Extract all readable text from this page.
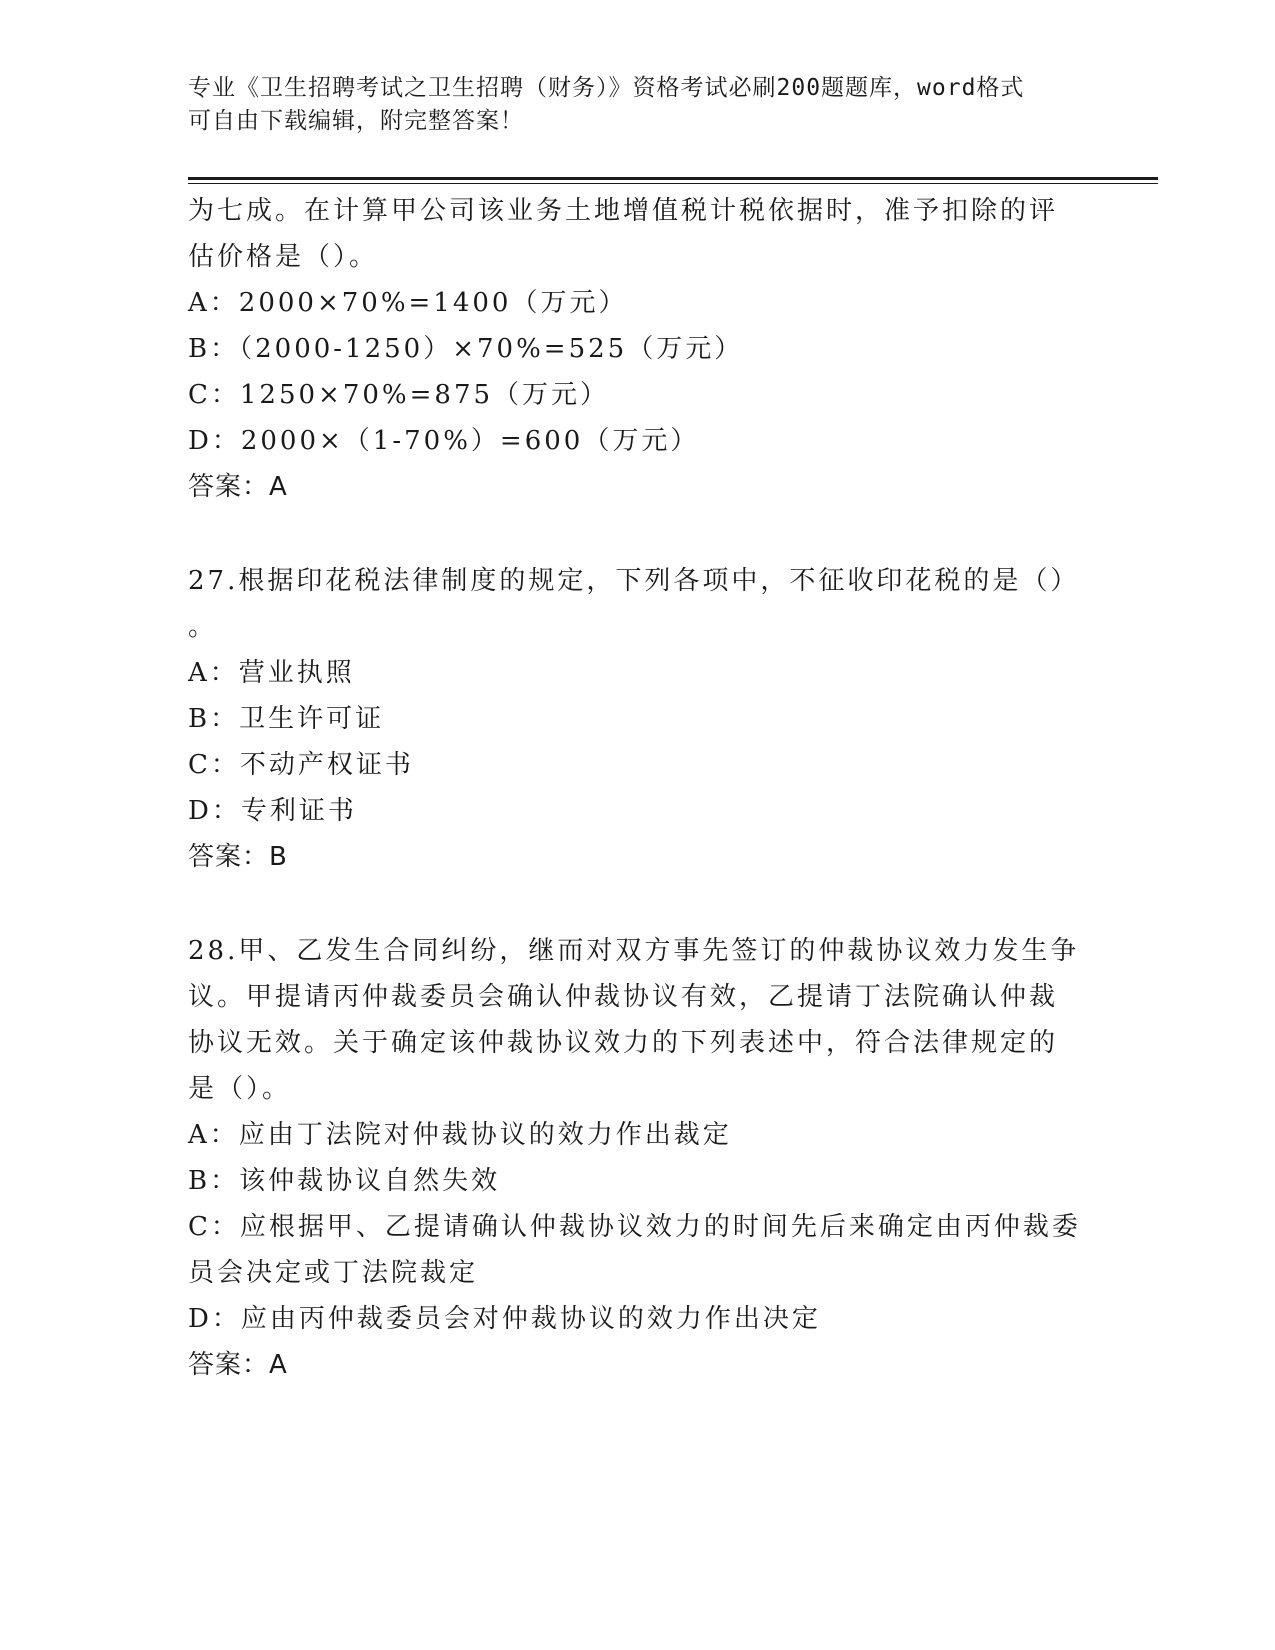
专业《卫生招聘考试之卫生招聘（财务）》资格考试必刷200题题库，word格式
可自由下载编辑，附完整答案！
为七成。在计算甲公司该业务土地增值税计税依据时，准予扣除的评
估价格是（）。
A：2000×70%=1400（万元）
B：（2000-1250）×70%=525（万元）
C：1250×70%=875（万元）
D：2000×（1-70%）=600（万元）
答案：A
27.根据印花税法律制度的规定，下列各项中，不征收印花税的是（）
。
A：营业执照
B：卫生许可证
C：不动产权证书
D：专利证书
答案：B
28.甲、乙发生合同纠纷，继而对双方事先签订的仲裁协议效力发生争
议。甲提请丙仲裁委员会确认仲裁协议有效，乙提请丁法院确认仲裁
协议无效。关于确定该仲裁协议效力的下列表述中，符合法律规定的
是（）。
A：应由丁法院对仲裁协议的效力作出裁定
B：该仲裁协议自然失效
C：应根据甲、乙提请确认仲裁协议效力的时间先后来确定由丙仲裁委
员会决定或丁法院裁定
D：应由丙仲裁委员会对仲裁协议的效力作出决定
答案：A
